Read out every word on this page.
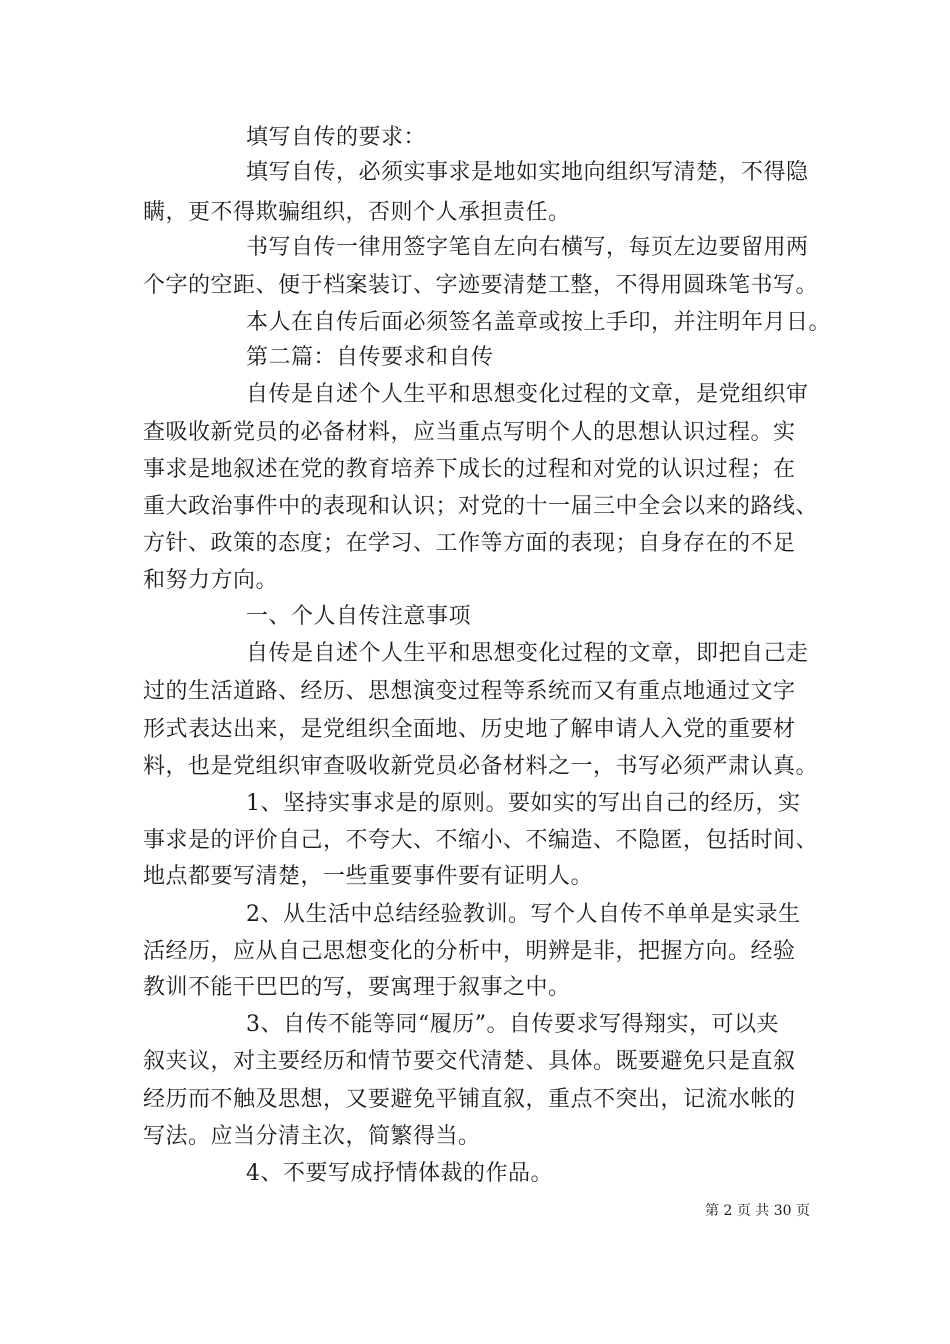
填写自传的要求：
填写自传，必须实事求是地如实地向组织写清楚，不得隐
瞒，更不得欺骗组织，否则个人承担责任。
书写自传一律用签字笔自左向右横写，每页左边要留用两
个字的空距、便于档案装订、字迹要清楚工整，不得用圆珠笔书写。
本人在自传后面必须签名盖章或按上手印，并注明年月日。
第二篇：自传要求和自传
自传是自述个人生平和思想变化过程的文章，是党组织审
查吸收新党员的必备材料，应当重点写明个人的思想认识过程。实
事求是地叙述在党的教育培养下成长的过程和对党的认识过程；在
重大政治事件中的表现和认识；对党的十一届三中全会以来的路线、
方针、政策的态度；在学习、工作等方面的表现；自身存在的不足
和努力方向。
一、个人自传注意事项
自传是自述个人生平和思想变化过程的文章，即把自己走
过的生活道路、经历、思想演变过程等系统而又有重点地通过文字
形式表达出来，是党组织全面地、历史地了解申请人入党的重要材
料，也是党组织审查吸收新党员必备材料之一，书写必须严肃认真。
1、坚持实事求是的原则。要如实的写出自己的经历，实
事求是的评价自己，不夸大、不缩小、不编造、不隐匿，包括时间、
地点都要写清楚，一些重要事件要有证明人。
2、从生活中总结经验教训。写个人自传不单单是实录生
活经历，应从自己思想变化的分析中，明辨是非，把握方向。经验
教训不能干巴巴的写，要寓理于叙事之中。
3、自传不能等同“履历”。自传要求写得翔实，可以夹
叙夹议，对主要经历和情节要交代清楚、具体。既要避免只是直叙
经历而不触及思想，又要避免平铺直叙，重点不突出，记流水帐的
写法。应当分清主次，简繁得当。
4、不要写成抒情体裁的作品。
第 2 页 共 30 页
